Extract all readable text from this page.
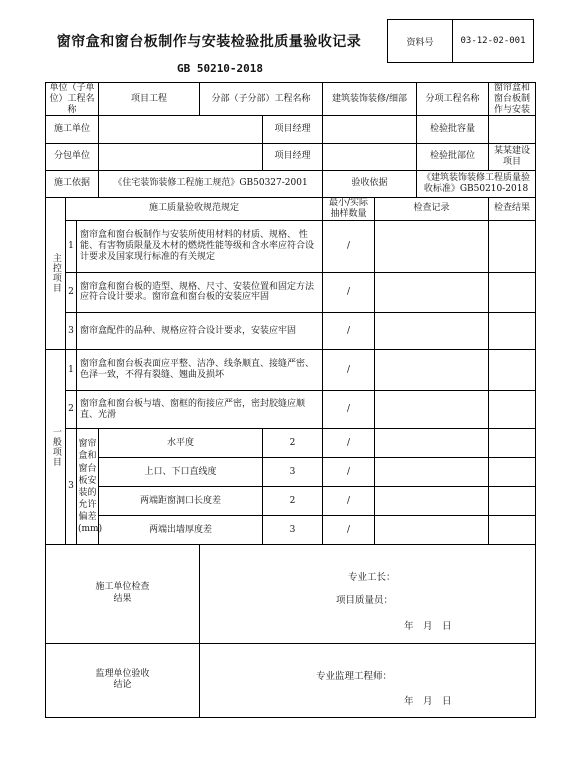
窗帘盒和窗台板制作与安装检验批质量验收记录
GB 50210-2018
资料号	03-12-02-001
单位（子单位）工程名称			项目工程	分部（子分部）工程名称		建筑装饰装修/细部		分项工程名称	窗帘盒和窗台板制作与安装
施工单位					项目经理			检验批容量	
分包单位					项目经理			检验批部位	某某建设项目
施工依据			《住宅装饰装修工程施工规范》GB50327-2001			验收依据		《建筑装饰装修工程质量验收标准》GB50210-2018	
主控项目	施工质量验收规范规定					最小/实际抽样数量	检查记录		检查结果
	1	窗帘盒和窗台板制作与安装所使用材料的材质、规格、 性能、有害物质限量及木材的燃烧性能等级和含水率应符合设计要求及国家现行标准的有关规定				/			
	2	窗帘盒和窗台板的造型、规格、尺寸、安装位置和固定方法应符合设计要求。窗帘盒和窗台板的安装应牢固				/			
	3	窗帘盒配件的品种、规格应符合设计要求，安装应牢固				/			
一般项目	1	窗帘盒和窗台板表面应平整、洁净、线条顺直、接缝严密、色泽一致，不得有裂缝、翘曲及损坏				/			
	2	窗帘盒和窗台板与墙、窗框的衔接应严密，密封胶缝应顺直、光滑				/			
	3	窗帘盒和窗台板安装的允许偏差(mm)	水平度		2	/			
			上口、下口直线度		3	/			
			两端距窗洞口长度差		2	/			
			两端出墙厚度差		3	/			

施工单位检查结果				专业工长：
项目质量员：
年　月　日					

监理单位验收结论				专业监理工程师：
年　月　日					
